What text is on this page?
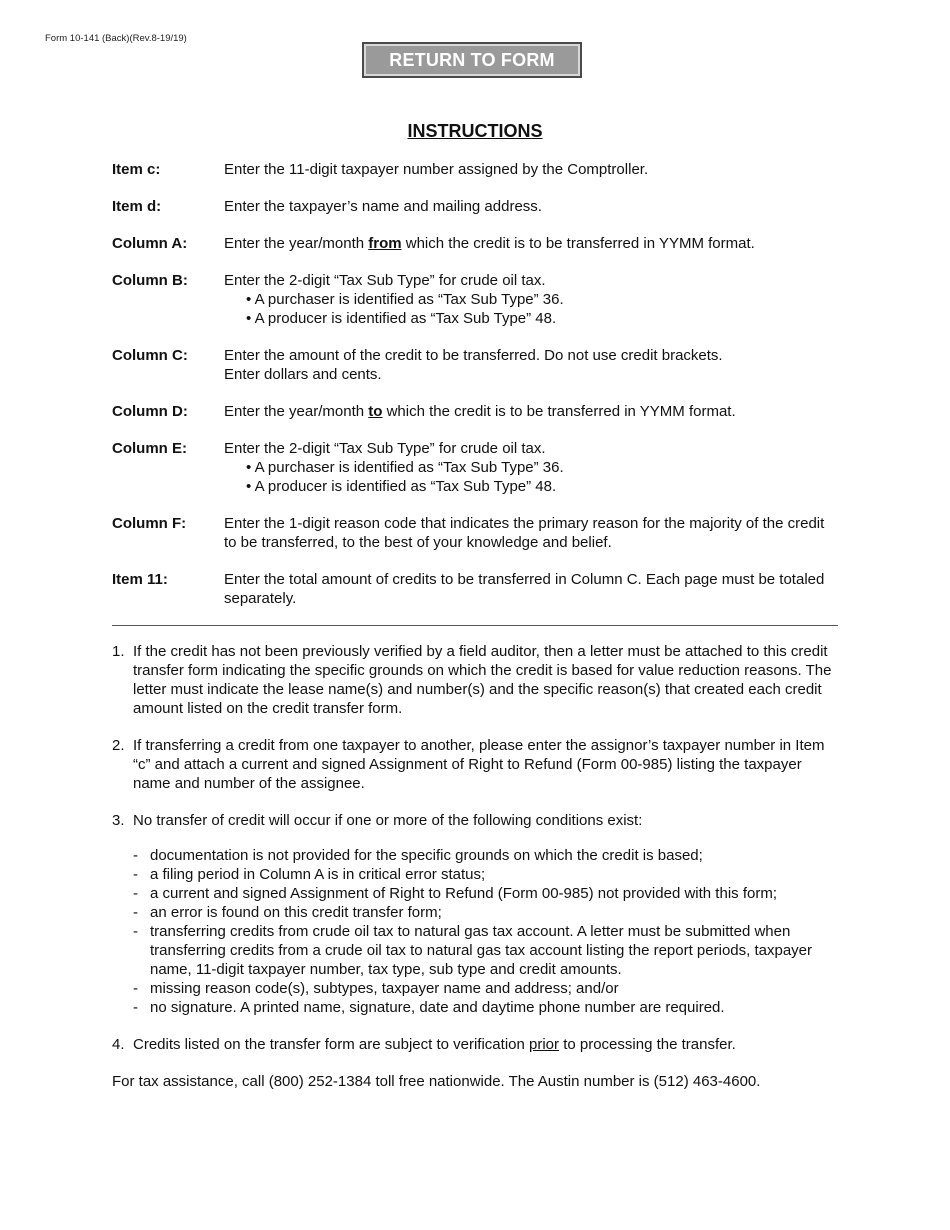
Form 10-141 (Back)(Rev.8-19/19)
RETURN TO FORM
INSTRUCTIONS
Item c:	Enter the 11-digit taxpayer number assigned by the Comptroller.
Item d:	Enter the taxpayer’s name and mailing address.
Column A:	Enter the year/month from which the credit is to be transferred in YYMM format.
Column B:	Enter the 2-digit “Tax Sub Type” for crude oil tax.
• A purchaser is identified as “Tax Sub Type” 36.
• A producer is identified as “Tax Sub Type” 48.
Column C:	Enter the amount of the credit to be transferred. Do not use credit brackets.
Enter dollars and cents.
Column D:	Enter the year/month to which the credit is to be transferred in YYMM format.
Column E:	Enter the 2-digit “Tax Sub Type” for crude oil tax.
• A purchaser is identified as “Tax Sub Type” 36.
• A producer is identified as “Tax Sub Type” 48.
Column F:	Enter the 1-digit reason code that indicates the primary reason for the majority of the credit to be transferred, to the best of your knowledge and belief.
Item 11:	Enter the total amount of credits to be transferred in Column C. Each page must be totaled separately.
1. If the credit has not been previously verified by a field auditor, then a letter must be attached to this credit transfer form indicating the specific grounds on which the credit is based for value reduction reasons. The letter must indicate the lease name(s) and number(s) and the specific reason(s) that created each credit amount listed on the credit transfer form.
2. If transferring a credit from one taxpayer to another, please enter the assignor’s taxpayer number in Item “c” and attach a current and signed Assignment of Right to Refund (Form 00-985) listing the taxpayer name and number of the assignee.
3. No transfer of credit will occur if one or more of the following conditions exist:
- documentation is not provided for the specific grounds on which the credit is based;
- a filing period in Column A is in critical error status;
- a current and signed Assignment of Right to Refund (Form 00-985) not provided with this form;
- an error is found on this credit transfer form;
- transferring credits from crude oil tax to natural gas tax account. A letter must be submitted when transferring credits from a crude oil tax to natural gas tax account listing the report periods, taxpayer name, 11-digit taxpayer number, tax type, sub type and credit amounts.
- missing reason code(s), subtypes, taxpayer name and address; and/or
- no signature. A printed name, signature, date and daytime phone number are required.
4. Credits listed on the transfer form are subject to verification prior to processing the transfer.
For tax assistance, call (800) 252-1384 toll free nationwide. The Austin number is (512) 463-4600.
